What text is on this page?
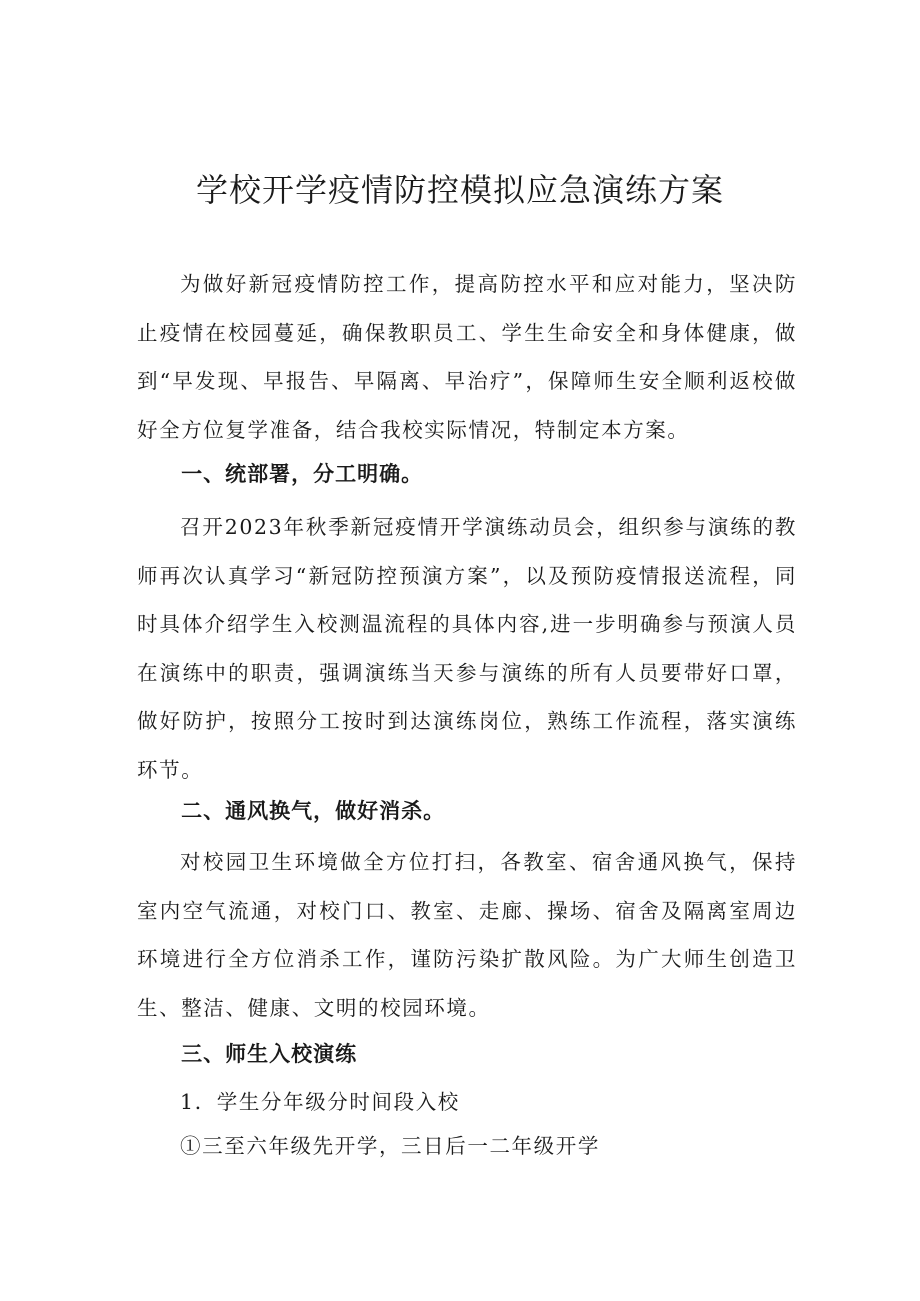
学校开学疫情防控模拟应急演练方案

为做好新冠疫情防控工作，提高防控水平和应对能力，坚决防止疫情在校园蔓延，确保教职员工、学生生命安全和身体健康，做到“早发现、早报告、早隔离、早治疗”，保障师生安全顺利返校做好全方位复学准备，结合我校实际情况，特制定本方案。

一、统部署，分工明确。

召开2023年秋季新冠疫情开学演练动员会，组织参与演练的教师再次认真学习“新冠防控预演方案”，以及预防疫情报送流程，同时具体介绍学生入校测温流程的具体内容,进一步明确参与预演人员在演练中的职责，强调演练当天参与演练的所有人员要带好口罩，做好防护，按照分工按时到达演练岗位，熟练工作流程，落实演练环节。

二、通风换气，做好消杀。

对校园卫生环境做全方位打扫，各教室、宿舍通风换气，保持室内空气流通，对校门口、教室、走廊、操场、宿舍及隔离室周边环境进行全方位消杀工作，谨防污染扩散风险。为广大师生创造卫生、整洁、健康、文明的校园环境。

三、师生入校演练

1．学生分年级分时间段入校

①三至六年级先开学，三日后一二年级开学
